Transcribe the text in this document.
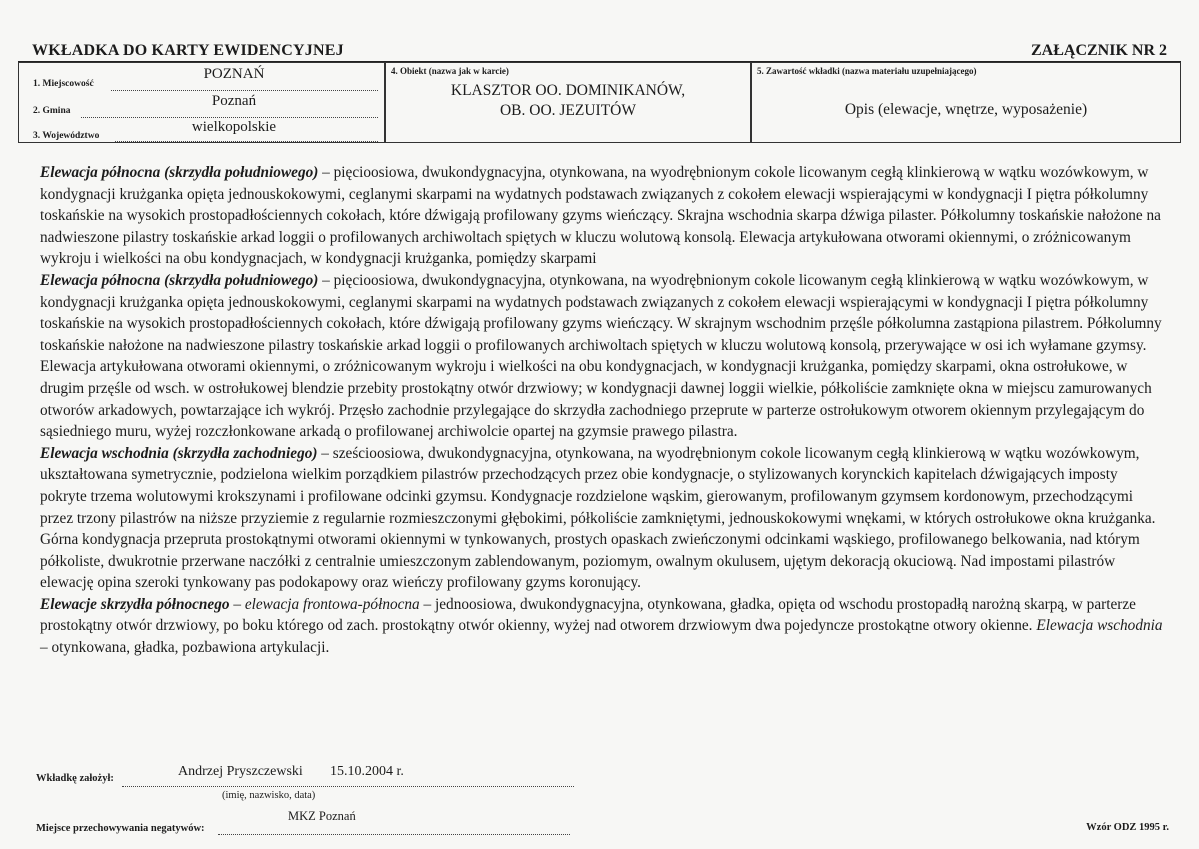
WKŁADKA DO KARTY EWIDENCYJNEJ	ZAŁĄCZNIK NR 2
1. Miejscowość
POZNAŃ
2. Gmina
Poznań
3. Województwo
wielkopolskie
4. Obiekt (nazwa jak w karcie)
KLASZTOR OO. DOMINIKANÓW,
OB. OO. JEZUITÓW
5. Zawartość wkładki (nazwa materiału uzupełniającego)
Opis (elewacje, wnętrze, wyposażenie)

Elewacja północna (skrzydła południowego) – pięcioosiowa, dwukondygnacyjna, otynkowana, na wyodrębnionym cokole licowanym cegłą klinkierową w wątku wozówkowym, w kondygnacji krużganka opięta jednouskokowymi, ceglanymi skarpami na wydatnych podstawach związanych z cokołem elewacji wspierającymi w kondygnacji I piętra półkolumny toskańskie na wysokich prostopadłościennych cokołach, które dźwigają profilowany gzyms wieńczący. Skrajna wschodnia skarpa dźwiga pilaster. Półkolumny toskańskie nałożone na nadwieszone pilastry toskańskie arkad loggii o profilowanych archiwoltach spiętych w kluczu wolutową konsolą. Elewacja artykułowana otworami okiennymi, o zróżnicowanym wykroju i wielkości na obu kondygnacjach, w kondygnacji krużganka, pomiędzy skarpami

Elewacja północna (skrzydła południowego) – pięcioosiowa, dwukondygnacyjna, otynkowana, na wyodrębnionym cokole licowanym cegłą klinkierową w wątku wozówkowym, w kondygnacji krużganka opięta jednouskokowymi, ceglanymi skarpami na wydatnych podstawach związanych z cokołem elewacji wspierającymi w kondygnacji I piętra półkolumny toskańskie na wysokich prostopadłościennych cokołach, które dźwigają profilowany gzyms wieńczący. W skrajnym wschodnim przęśle półkolumna zastąpiona pilastrem. Półkolumny toskańskie nałożone na nadwieszone pilastry toskańskie arkad loggii o profilowanych archiwoltach spiętych w kluczu wolutową konsolą, przerywające w osi ich wyłamane gzymsy. Elewacja artykułowana otworami okiennymi, o zróżnicowanym wykroju i wielkości na obu kondygnacjach, w kondygnacji krużganka, pomiędzy skarpami, okna ostrołukowe, w drugim przęśle od wsch. w ostrołukowej blendzie przebity prostokątny otwór drzwiowy; w kondygnacji dawnej loggii wielkie, półkoliście zamknięte okna w miejscu zamurowanych otworów arkadowych, powtarzające ich wykrój. Przęsło zachodnie przylegające do skrzydła zachodniego przeprute w parterze ostrołukowym otworem okiennym przylegającym do sąsiedniego muru, wyżej rozczłonkowane arkadą o profilowanej archiwolcie opartej na gzymsie prawego pilastra.

Elewacja wschodnia (skrzydła zachodniego) – sześcioosiowa, dwukondygnacyjna, otynkowana, na wyodrębnionym cokole licowanym cegłą klinkierową w wątku wozówkowym, ukształtowana symetrycznie, podzielona wielkim porządkiem pilastrów przechodzących przez obie kondygnacje, o stylizowanych korynckich kapitelach dźwigających imposty pokryte trzema wolutowymi krokszynami i profilowane odcinki gzymsu. Kondygnacje rozdzielone wąskim, gierowanym, profilowanym gzymsem kordonowym, przechodzącymi przez trzony pilastrów na niższe przyziemie z regularnie rozmieszczonymi głębokimi, półkoliście zamkniętymi, jednouskokowymi wnękami, w których ostrołukowe okna krużganka. Górna kondygnacja przepruta prostokątnymi otworami okiennymi w tynkowanych, prostych opaskach zwieńczonymi odcinkami wąskiego, profilowanego belkowania, nad którym półkoliste, dwukrotnie przerwane naczółki z centralnie umieszczonym zablendowanym, poziomym, owalnym okulusem, ujętym dekoracją okuciową. Nad impostami pilastrów elewację opina szeroki tynkowany pas podokapowy oraz wieńczy profilowany gzyms koronujący.

Elewacje skrzydła północnego – elewacja frontowa-północna – jednoosiowa, dwukondygnacyjna, otynkowana, gładka, opięta od wschodu prostopadłą narożną skarpą, w parterze prostokątny otwór drzwiowy, po boku którego od zach. prostokątny otwór okienny, wyżej nad otworem drzwiowym dwa pojedyncze prostokątne otwory okienne. Elewacja wschodnia – otynkowana, gładka, pozbawiona artykulacji.

Wkładkę założył:	Andrzej Pryszczewski 15.10.2004 r.
(imię, nazwisko, data)
Miejsce przechowywania negatywów:
MKZ Poznań
Wzór ODZ 1995 r.
